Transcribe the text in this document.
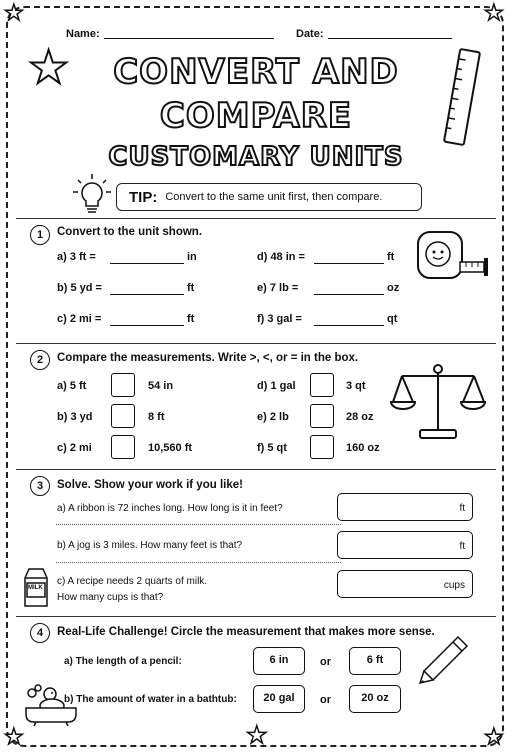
★	★
★	★
★
★
Name:	Date:
CONVERT AND
COMPARE
CUSTOMARY UNITS
TIP: Convert to the same unit first, then compare.
1	Convert to the unit shown.
a) 3 ft =	in
b) 5 yd =	ft
c) 2 mi =	ft
d) 48 in =	ft
e) 7 lb =	oz
f) 3 gal =	qt
2	Compare the measurements. Write >, <, or = in the box.
a) 5 ft	54 in
b) 3 yd	8 ft
c) 2 mi	10,560 ft
d) 1 gal	3 qt
e) 2 lb	28 oz
f) 5 qt	160 oz
3	Solve. Show your work if you like!
a) A ribbon is 72 inches long. How long is it in feet?	ft
b) A jog is 3 miles. How many feet is that?	ft
c) A recipe needs 2 quarts of milk.
How many cups is that?
cups
MILK
4	Real-Life Challenge! Circle the measurement that makes more sense.
a) The length of a pencil:	6 in	or	6 ft
b) The amount of water in a bathtub:	20 gal	or	20 oz
